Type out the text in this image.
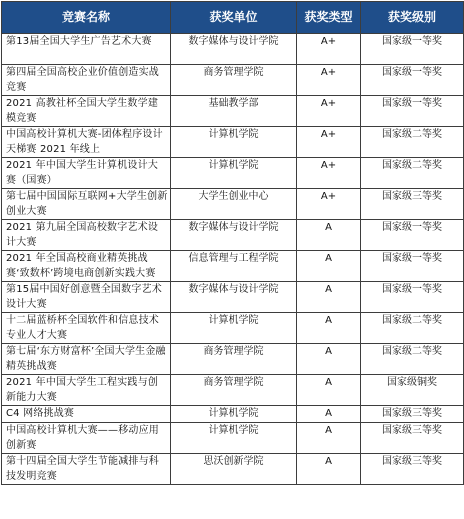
竞赛名称	获奖单位	获奖类型	获奖级别

第13届全国大学生广告艺术大赛	数字媒体与设计学院	A+	国家级一等奖

第四届全国高校企业价值创造实战竞赛	商务管理学院	A+	国家级一等奖

2021 高教社杯全国大学生数学建模竞赛	基础教学部	A+	国家级一等奖

中国高校计算机大赛-团体程序设计天梯赛 2021 年线上	计算机学院	A+	国家级二等奖

2021 年中国大学生计算机设计大赛（国赛）	计算机学院	A+	国家级二等奖

第七届中国国际互联网+大学生创新创业大赛	大学生创业中心	A+	国家级三等奖

2021 第九届全国高校数字艺术设计大赛	数字媒体与设计学院	A	国家级一等奖

2021 年全国高校商业精英挑战赛‘致数杯’跨境电商创新实践大赛	信息管理与工程学院	A	国家级一等奖

第15届中国好创意暨全国数字艺术设计大赛	数字媒体与设计学院	A	国家级一等奖

十二届蓝桥杯全国软件和信息技术专业人才大赛	计算机学院	A	国家级二等奖

第七届‘东方财富杯’全国大学生金融精英挑战赛	商务管理学院	A	国家级二等奖

2021 年中国大学生工程实践与创新能力大赛	商务管理学院	A	国家级铜奖

C4 网络挑战赛	计算机学院	A	国家级三等奖

中国高校计算机大赛——移动应用创新赛	计算机学院	A	国家级三等奖

第十四届全国大学生节能减排与科技发明竞赛	思沃创新学院	A	国家级三等奖
